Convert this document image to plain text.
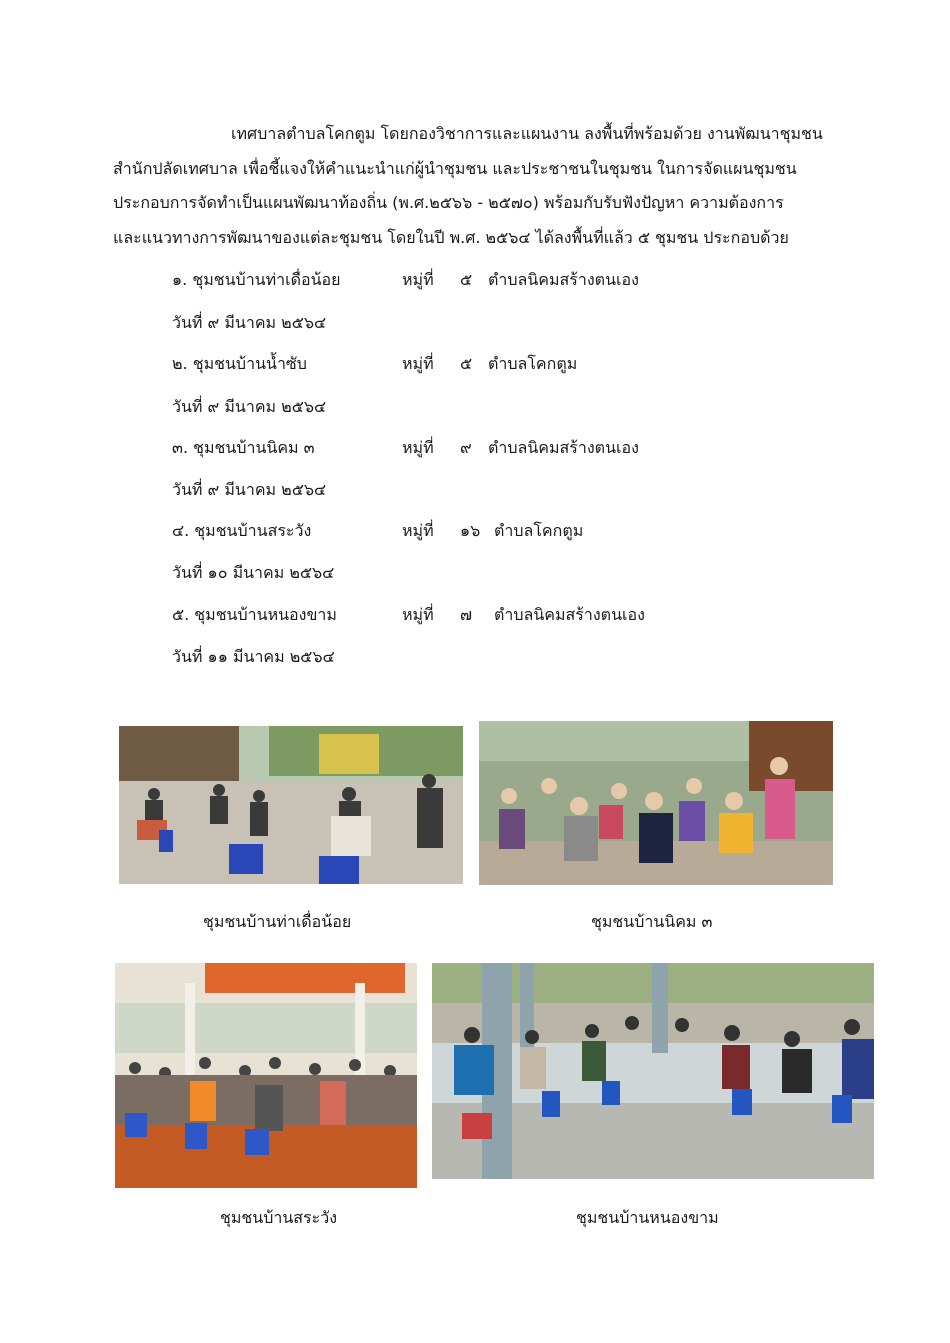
เทศบาลตำบลโคกตูม โดยกองวิชาการและแผนงาน ลงพื้นที่พร้อมด้วย งานพัฒนาชุมชน
สำนักปลัดเทศบาล เพื่อชี้แจงให้คำแนะนำแก่ผู้นำชุมชน และประชาชนในชุมชน ในการจัดแผนชุมชน
ประกอบการจัดทำเป็นแผนพัฒนาท้องถิ่น (พ.ศ.๒๕๖๖ - ๒๕๗๐) พร้อมกับรับฟังปัญหา ความต้องการ
และแนวทางการพัฒนาของแต่ละชุมชน โดยในปี พ.ศ. ๒๕๖๔ ได้ลงพื้นที่แล้ว ๕ ชุมชน ประกอบด้วย
๑. ชุมชนบ้านท่าเดื่อน้อย	หมู่ที่ ๕ ตำบลนิคมสร้างตนเอง
วันที่ ๙ มีนาคม ๒๕๖๔
๒. ชุมชนบ้านน้ำซับ	หมู่ที่ ๕ ตำบลโคกตูม
วันที่ ๙ มีนาคม ๒๕๖๔
๓. ชุมชนบ้านนิคม ๓	หมู่ที่ ๙ ตำบลนิคมสร้างตนเอง
วันที่ ๙ มีนาคม ๒๕๖๔
๔. ชุมชนบ้านสระวัง	หมู่ที่ ๑๖ ตำบลโคกตูม
วันที่ ๑๐ มีนาคม ๒๕๖๔
๕. ชุมชนบ้านหนองขาม	หมู่ที่ ๗ ตำบลนิคมสร้างตนเอง
วันที่ ๑๑ มีนาคม ๒๕๖๔
ชุมชนบ้านท่าเดื่อน้อย	ชุมชนบ้านนิคม ๓
ชุมชนบ้านสระวัง	ชุมชนบ้านหนองขาม
